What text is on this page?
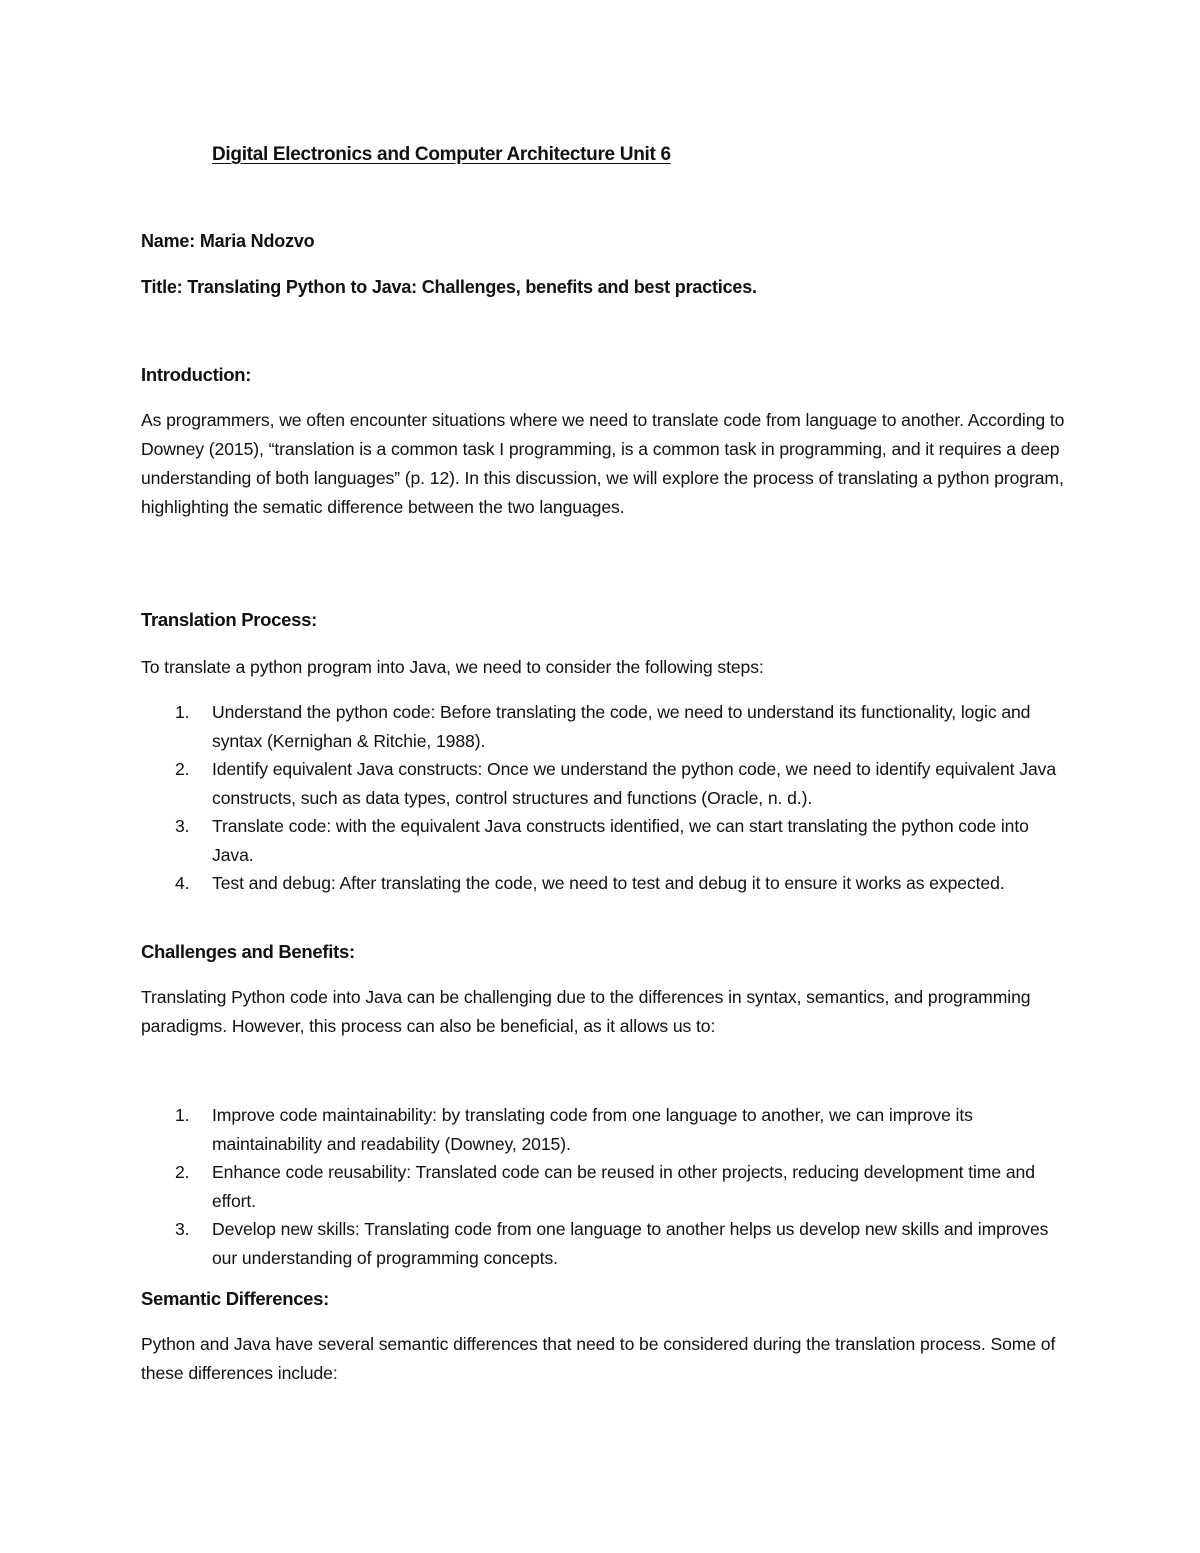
Digital Electronics and Computer Architecture Unit 6
Name: Maria Ndozvo
Title: Translating Python to Java: Challenges, benefits and best practices.
Introduction:
As programmers, we often encounter situations where we need to translate code from language to another. According to Downey (2015), “translation is a common task I programming, is a common task in programming, and it requires a deep understanding of both languages” (p. 12). In this discussion, we will explore the process of translating a python program, highlighting the sematic difference between the two languages.
Translation Process:
To translate a python program into Java, we need to consider the following steps:
1. Understand the python code: Before translating the code, we need to understand its functionality, logic and syntax (Kernighan & Ritchie, 1988).
2. Identify equivalent Java constructs: Once we understand the python code, we need to identify equivalent Java constructs, such as data types, control structures and functions (Oracle, n. d.).
3. Translate code: with the equivalent Java constructs identified, we can start translating the python code into Java.
4. Test and debug: After translating the code, we need to test and debug it to ensure it works as expected.
Challenges and Benefits:
Translating Python code into Java can be challenging due to the differences in syntax, semantics, and programming paradigms. However, this process can also be beneficial, as it allows us to:
1. Improve code maintainability: by translating code from one language to another, we can improve its maintainability and readability (Downey, 2015).
2. Enhance code reusability: Translated code can be reused in other projects, reducing development time and effort.
3. Develop new skills: Translating code from one language to another helps us develop new skills and improves our understanding of programming concepts.
Semantic Differences:
Python and Java have several semantic differences that need to be considered during the translation process. Some of these differences include:
